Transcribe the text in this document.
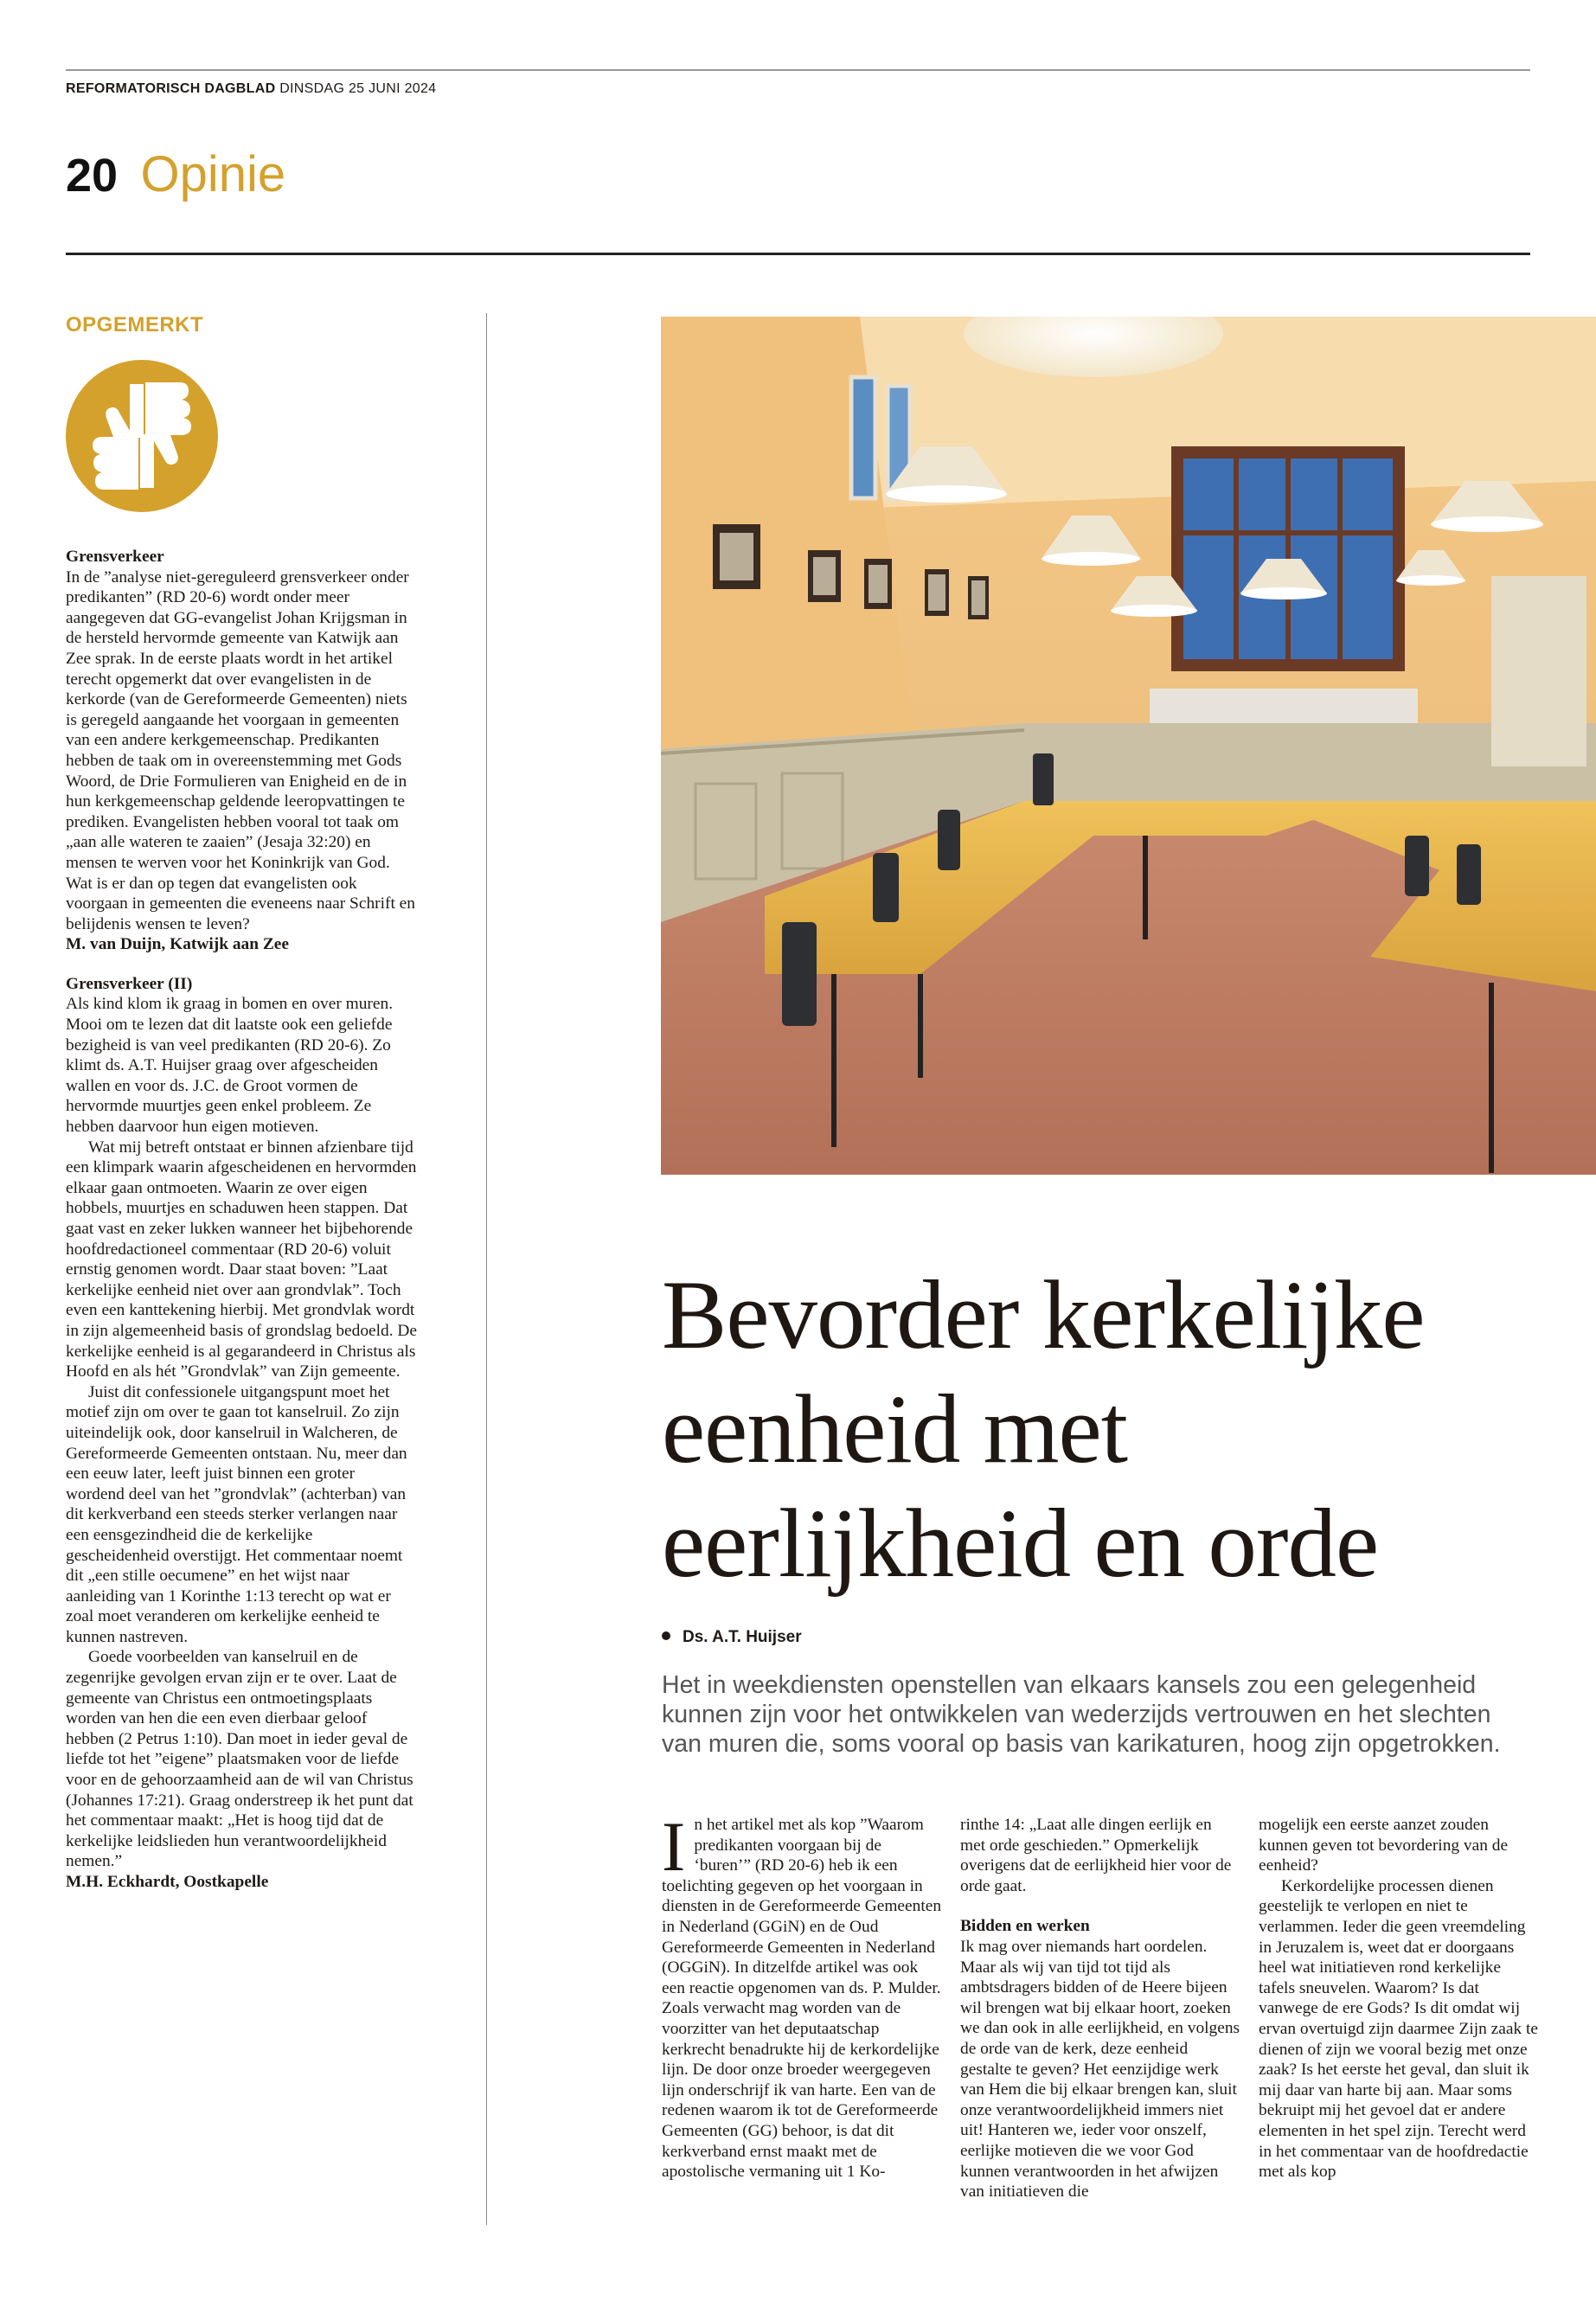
REFORMATORISCH DAGBLAD DINSDAG 25 JUNI 2024
20 Opinie
OPGEMERKT

Grensverkeer

In de ”analyse niet-gereguleerd grensverkeer onder predikanten” (RD 20-6) wordt onder meer aangegeven dat GG-evangelist Johan Krijgsman in de hersteld hervormde gemeente van Katwijk aan Zee sprak. In de eerste plaats wordt in het artikel terecht opgemerkt dat over evangelisten in de kerkorde (van de Gereformeerde Gemeenten) niets is geregeld aangaande het voorgaan in gemeenten van een andere kerkgemeenschap. Predikanten hebben de taak om in overeenstemming met Gods Woord, de Drie Formulieren van Enigheid en de in hun kerkgemeenschap geldende leeropvattingen te prediken. Evangelisten hebben vooral tot taak om „aan alle wateren te zaaien” (Jesaja 32:20) en mensen te werven voor het Koninkrijk van God. Wat is er dan op tegen dat evangelisten ook voorgaan in gemeenten die eveneens naar Schrift en belijdenis wensen te leven?

M. van Duijn, Katwijk aan Zee

Grensverkeer (II)

Als kind klom ik graag in bomen en over muren. Mooi om te lezen dat dit laatste ook een geliefde bezigheid is van veel predikanten (RD 20-6). Zo klimt ds. A.T. Huijser graag over afgescheiden wallen en voor ds. J.C. de Groot vormen de hervormde muurtjes geen enkel probleem. Ze hebben daarvoor hun eigen motieven.

Wat mij betreft ontstaat er binnen afzienbare tijd een klimpark waarin afgescheidenen en hervormden elkaar gaan ontmoeten. Waarin ze over eigen hobbels, muurtjes en schaduwen heen stappen. Dat gaat vast en zeker lukken wanneer het bijbehorende hoofdredactioneel commentaar (RD 20-6) voluit ernstig genomen wordt. Daar staat boven: ”Laat kerkelijke eenheid niet over aan grondvlak”. Toch even een kanttekening hierbij. Met grondvlak wordt in zijn algemeenheid basis of grondslag bedoeld. De kerkelijke eenheid is al gegarandeerd in Christus als Hoofd en als hét ”Grondvlak” van Zijn gemeente.

Juist dit confessionele uitgangspunt moet het motief zijn om over te gaan tot kanselruil. Zo zijn uiteindelijk ook, door kanselruil in Walcheren, de Gereformeerde Gemeenten ontstaan. Nu, meer dan een eeuw later, leeft juist binnen een groter wordend deel van het ”grondvlak” (achterban) van dit kerkverband een steeds sterker verlangen naar een eensgezindheid die de kerkelijke gescheidenheid overstijgt. Het commentaar noemt dit „een stille oecumene” en het wijst naar aanleiding van 1 Korinthe 1:13 terecht op wat er zoal moet veranderen om kerkelijke eenheid te kunnen nastreven.

Goede voorbeelden van kanselruil en de zegenrijke gevolgen ervan zijn er te over. Laat de gemeente van Christus een ontmoetingsplaats worden van hen die een even dierbaar geloof hebben (2 Petrus 1:10). Dan moet in ieder geval de liefde tot het ”eigene” plaatsmaken voor de liefde voor en de gehoorzaamheid aan de wil van Christus (Johannes 17:21). Graag onderstreep ik het punt dat het commentaar maakt: „Het is hoog tijd dat de kerkelijke leidslieden hun verantwoordelijkheid nemen.”

M.H. Eckhardt, Oostkapelle

Bevorder kerkelijke
eenheid met
eerlijkheid en orde
Ds. A.T. Huijser
Het in weekdiensten openstellen van elkaars kansels zou een gelegenheid
kunnen zijn voor het ontwikkelen van wederzijds vertrouwen en het slechten
van muren die, soms vooral op basis van karikaturen, hoog zijn opgetrokken.
I n het artikel met als kop ”Waarom predikanten voorgaan bij de ‘buren’” (RD 20-6) heb ik een toelichting gegeven op het voorgaan in diensten in de Gereformeerde Gemeenten in Nederland (GGiN) en de Oud Gereformeerde Gemeenten in Nederland (OGGiN). In ditzelfde artikel was ook een reactie opgenomen van ds. P. Mulder. Zoals verwacht mag worden van de voorzitter van het deputaatschap kerkrecht benadrukte hij de kerkordelijke lijn. De door onze broeder weergegeven lijn onderschrijf ik van harte. Een van de redenen waarom ik tot de Gereformeerde Gemeenten (GG) behoor, is dat dit kerkverband ernst maakt met de apostolische vermaning uit 1 Ko-

rinthe 14: „Laat alle dingen eerlijk en met orde geschieden.” Opmerkelijk overigens dat de eerlijkheid hier voor de orde gaat.

Bidden en werken

Ik mag over niemands hart oordelen. Maar als wij van tijd tot tijd als ambtsdragers bidden of de Heere bijeen wil brengen wat bij elkaar hoort, zoeken we dan ook in alle eerlijkheid, en volgens de orde van de kerk, deze eenheid gestalte te geven? Het eenzijdige werk van Hem die bij elkaar brengen kan, sluit onze verantwoordelijkheid immers niet uit! Hanteren we, ieder voor onszelf, eerlijke motieven die we voor God kunnen verantwoorden in het afwijzen van initiatieven die

mogelijk een eerste aanzet zouden kunnen geven tot bevordering van de eenheid?

Kerkordelijke processen dienen geestelijk te verlopen en niet te verlammen. Ieder die geen vreemdeling in Jeruzalem is, weet dat er doorgaans heel wat initiatieven rond kerkelijke tafels sneuvelen. Waarom? Is dat vanwege de ere Gods? Is dit omdat wij ervan overtuigd zijn daarmee Zijn zaak te dienen of zijn we vooral bezig met onze zaak? Is het eerste het geval, dan sluit ik mij daar van harte bij aan. Maar soms bekruipt mij het gevoel dat er andere elementen in het spel zijn. Terecht werd in het commentaar van de hoofdredactie met als kop
